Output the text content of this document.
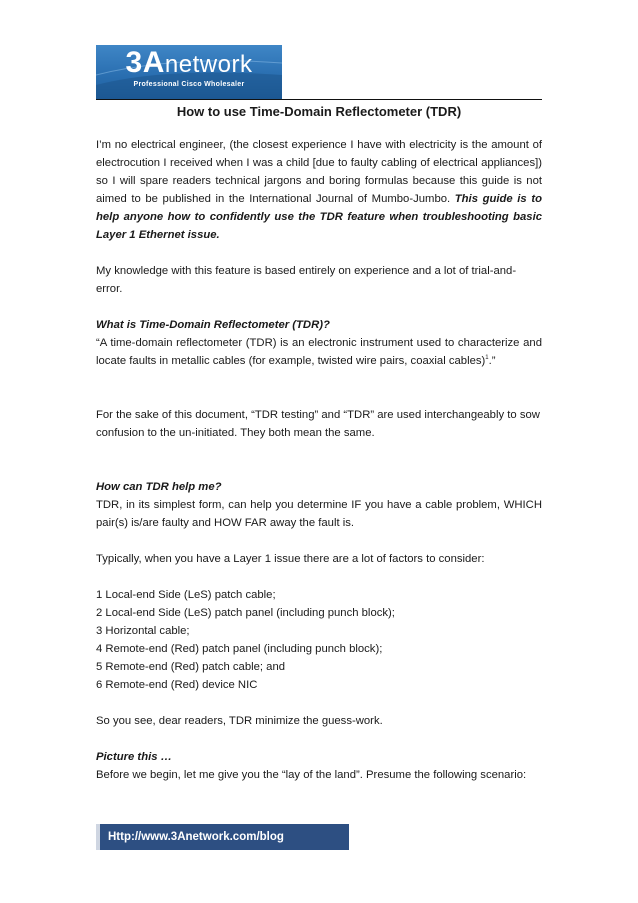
3Anetwork
Professional Cisco Wholesaler
How to use Time-Domain Reflectometer (TDR)

I’m no electrical engineer, (the closest experience I have with electricity is the amount of electrocution I received when I was a child [due to faulty cabling of electrical appliances]) so I will spare readers technical jargons and boring formulas because this guide is not aimed to be published in the International Journal of Mumbo-Jumbo. This guide is to help anyone how to confidently use the TDR feature when troubleshooting basic Layer 1 Ethernet issue.

My knowledge with this feature is based entirely on experience and a lot of trial-and-error.

What is Time-Domain Reflectometer (TDR)?

“A time-domain reflectometer (TDR) is an electronic instrument used to characterize and locate faults in metallic cables (for example, twisted wire pairs, coaxial cables)$^1$.”

For the sake of this document, “TDR testing” and “TDR” are used interchangeably to sow confusion to the un-initiated. They both mean the same.

How can TDR help me?

TDR, in its simplest form, can help you determine IF you have a cable problem, WHICH pair(s) is/are faulty and HOW FAR away the fault is.

Typically, when you have a Layer 1 issue there are a lot of factors to consider:

1 Local-end Side (LeS) patch cable;

2 Local-end Side (LeS) patch panel (including punch block);

3 Horizontal cable;

4 Remote-end (Red) patch panel (including punch block);

5 Remote-end (Red) patch cable; and

6 Remote-end (Red) device NIC

So you see, dear readers, TDR minimize the guess-work.

Picture this …

Before we begin, let me give you the “lay of the land”. Presume the following scenario:

Http://www.3Anetwork.com/blog
